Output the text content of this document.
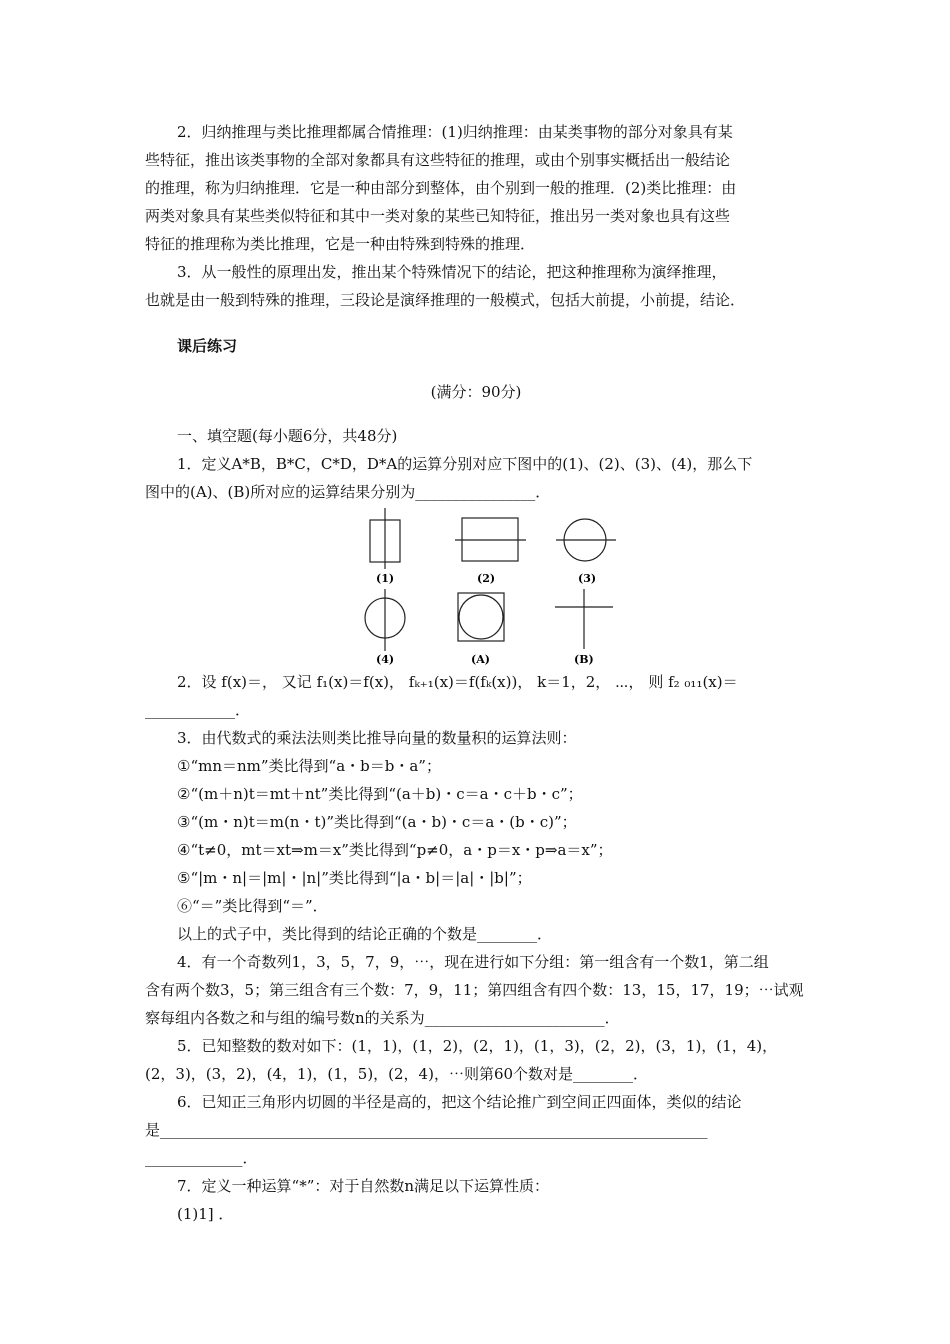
2．归纳推理与类比推理都属合情推理：(1)归纳推理：由某类事物的部分对象具有某
些特征，推出该类事物的全部对象都具有这些特征的推理，或由个别事实概括出一般结论
的推理，称为归纳推理．它是一种由部分到整体，由个别到一般的推理．(2)类比推理：由
两类对象具有某些类似特征和其中一类对象的某些已知特征，推出另一类对象也具有这些
特征的推理称为类比推理，它是一种由特殊到特殊的推理．
3．从一般性的原理出发，推出某个特殊情况下的结论，把这种推理称为演绎推理，
也就是由一般到特殊的推理，三段论是演绎推理的一般模式，包括大前提，小前提，结论．
课后练习
(满分：90分)
一、填空题(每小题6分，共48分)
1．定义A*B，B*C，C*D，D*A的运算分别对应下图中的(1)、(2)、(3)、(4)，那么下
图中的(A)、(B)所对应的运算结果分别为________________．
(1)	(2)	(3)
(4)	(A)	(B)
2．设 f(x)＝， 又记 f₁(x)＝f(x)， fₖ₊₁(x)＝f(fₖ(x))， k＝1，2， ⋯， 则 f₂ ₀₁₁(x)＝
____________．
3．由代数式的乘法法则类比推导向量的数量积的运算法则：
①“mn＝nm”类比得到“a・b＝b・a”；
②“(m＋n)t＝mt＋nt”类比得到“(a＋b)・c＝a・c＋b・c”；
③“(m・n)t＝m(n・t)”类比得到“(a・b)・c＝a・(b・c)”；
④“t≠0，mt＝xt⇒m＝x”类比得到“p≠0，a・p＝x・p⇒a＝x”；
⑤“|m・n|＝|m|・|n|”类比得到“|a・b|＝|a|・|b|”；
⑥“＝”类比得到“＝”．
以上的式子中，类比得到的结论正确的个数是________．
4．有一个奇数列1，3，5，7，9，⋯，现在进行如下分组：第一组含有一个数1，第二组
含有两个数3，5；第三组含有三个数：7，9，11；第四组含有四个数：13，15，17，19；⋯试观
察每组内各数之和与组的编号数n的关系为________________________．
5．已知整数的数对如下：(1，1)，(1，2)，(2，1)，(1，3)，(2，2)，(3，1)，(1，4)，
(2，3)，(3，2)，(4，1)，(1，5)，(2，4)，⋯则第60个数对是________．
6．已知正三角形内切圆的半径是高的，把这个结论推广到空间正四面体，类似的结论
是_________________________________________________________________________
_____________．
7．定义一种运算“*”：对于自然数n满足以下运算性质：
(1)1] ．
